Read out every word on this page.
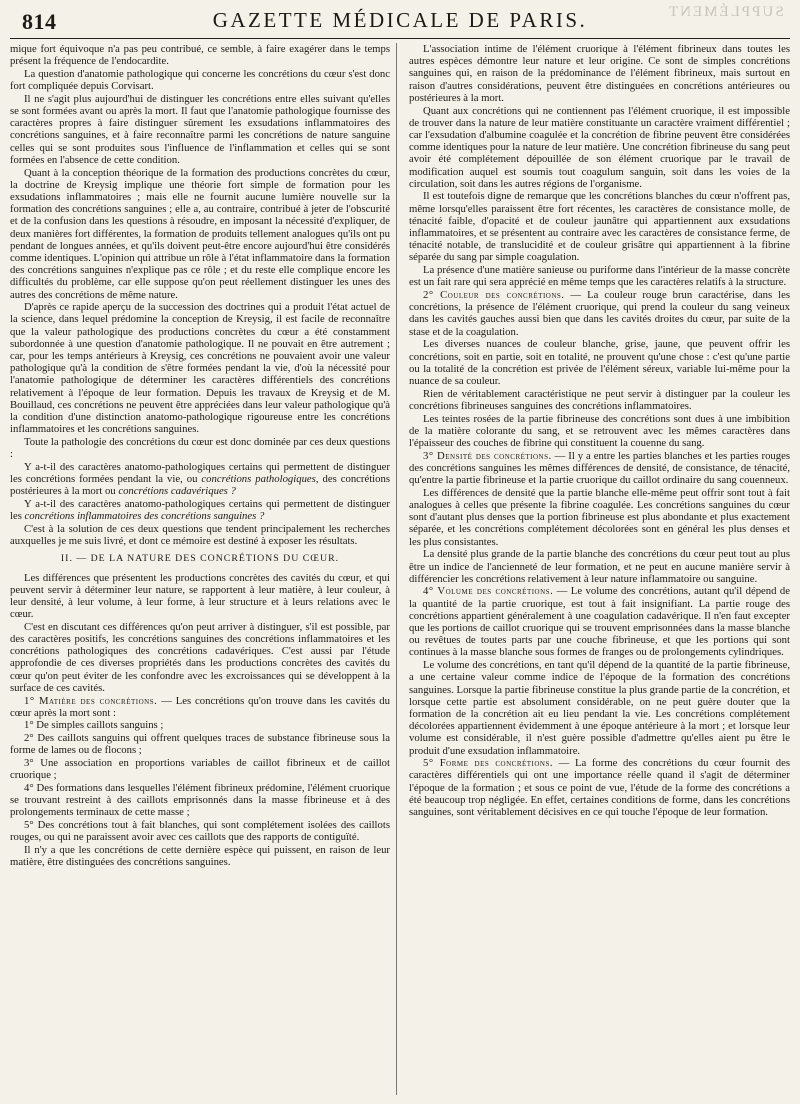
814	GAZETTE MÉDICALE DE PARIS.	SUPPLÉMENT

mique fort équivoque n'a pas peu contribué, ce semble, à faire exagérer dans le temps présent la fréquence de l'endocardite.

La question d'anatomie pathologique qui concerne les concrétions du cœur s'est donc fort compliquée depuis Corvisart.

Il ne s'agit plus aujourd'hui de distinguer les concrétions entre elles suivant qu'elles se sont formées avant ou après la mort. Il faut que l'anatomie pathologique fournisse des caractères propres à faire distinguer sûrement les exsudations inflammatoires des concrétions sanguines, et à faire reconnaître parmi les concrétions de nature sanguine celles qui se sont produites sous l'influence de l'inflammation et celles qui se sont formées en l'absence de cette condition.

Quant à la conception théorique de la formation des productions concrètes du cœur, la doctrine de Kreysig implique une théorie fort simple de formation pour les exsudations inflammatoires ; mais elle ne fournit aucune lumière nouvelle sur la formation des concrétions sanguines ; elle a, au contraire, contribué à jeter de l'obscurité et de la confusion dans les questions à résoudre, en imposant la nécessité d'expliquer, de deux manières fort différentes, la formation de produits tellement analogues qu'ils ont pu pendant de longues années, et qu'ils doivent peut-être encore aujourd'hui être considérés comme identiques. L'opinion qui attribue un rôle à l'état inflammatoire dans la formation des concrétions sanguines n'explique pas ce rôle ; et du reste elle complique encore les difficultés du problème, car elle suppose qu'on peut réellement distinguer les unes des autres des concrétions de même nature.

D'après ce rapide aperçu de la succession des doctrines qui a produit l'état actuel de la science, dans lequel prédomine la conception de Kreysig, il est facile de reconnaître que la valeur pathologique des productions concrètes du cœur a été constamment subordonnée à une question d'anatomie pathologique. Il ne pouvait en être autrement ; car, pour les temps antérieurs à Kreysig, ces concrétions ne pouvaient avoir une valeur pathologique qu'à la condition de s'être formées pendant la vie, d'où la nécessité pour l'anatomie pathologique de déterminer les caractères différentiels des concrétions relativement à l'époque de leur formation. Depuis les travaux de Kreysig et de M. Bouillaud, ces concrétions ne peuvent être appréciées dans leur valeur pathologique qu'à la condition d'une distinction anatomo-pathologique rigoureuse entre les concrétions inflammatoires et les concrétions sanguines.

Toute la pathologie des concrétions du cœur est donc dominée par ces deux questions :

Y a-t-il des caractères anatomo-pathologiques certains qui permettent de distinguer les concrétions formées pendant la vie, ou concrétions pathologiques, des concrétions postérieures à la mort ou concrétions cadavériques ?

Y a-t-il des caractères anatomo-pathologiques certains qui permettent de distinguer les concrétions inflammatoires des concrétions sanguines ?

C'est à la solution de ces deux questions que tendent principalement les recherches auxquelles je me suis livré, et dont ce mémoire est destiné à exposer les résultats.

II. — DE LA NATURE DES CONCRÉTIONS DU CŒUR.

Les différences que présentent les productions concrètes des cavités du cœur, et qui peuvent servir à déterminer leur nature, se rapportent à leur matière, à leur couleur, à leur densité, à leur volume, à leur forme, à leur structure et à leurs relations avec le cœur.

C'est en discutant ces différences qu'on peut arriver à distinguer, s'il est possible, par des caractères positifs, les concrétions sanguines des concrétions inflammatoires et les concrétions pathologiques des concrétions cadavériques. C'est aussi par l'étude approfondie de ces diverses propriétés dans les productions concrètes des cavités du cœur qu'on peut éviter de les confondre avec les excroissances qui se développent à la surface de ces cavités.

1° Matière des concrétions. — Les concrétions qu'on trouve dans les cavités du cœur après la mort sont :

1° De simples caillots sanguins ;

2° Des caillots sanguins qui offrent quelques traces de substance fibrineuse sous la forme de lames ou de flocons ;

3° Une association en proportions variables de caillot fibrineux et de caillot cruorique ;

4° Des formations dans lesquelles l'élément fibrineux prédomine, l'élément cruorique se trouvant restreint à des caillots emprisonnés dans la masse fibrineuse et à des prolongements terminaux de cette masse ;

5° Des concrétions tout à fait blanches, qui sont complétement isolées des caillots rouges, ou qui ne paraissent avoir avec ces caillots que des rapports de contiguïté.

Il n'y a que les concrétions de cette dernière espèce qui puissent, en raison de leur matière, être distinguées des concrétions sanguines.

L'association intime de l'élément cruorique à l'élément fibrineux dans toutes les autres espèces démontre leur nature et leur origine. Ce sont de simples concrétions sanguines qui, en raison de la prédominance de l'élément fibrineux, mais surtout en raison d'autres considérations, peuvent être distinguées en concrétions antérieures ou postérieures à la mort.

Quant aux concrétions qui ne contiennent pas l'élément cruorique, il est impossible de trouver dans la nature de leur matière constituante un caractère vraiment différentiel ; car l'exsudation d'albumine coagulée et la concrétion de fibrine peuvent être considérées comme identiques pour la nature de leur matière. Une concrétion fibrineuse du sang peut avoir été complétement dépouillée de son élément cruorique par le travail de modification auquel est soumis tout coagulum sanguin, soit dans les voies de la circulation, soit dans les autres régions de l'organisme.

Il est toutefois digne de remarque que les concrétions blanches du cœur n'offrent pas, même lorsqu'elles paraissent être fort récentes, les caractères de consistance molle, de ténacité faible, d'opacité et de couleur jaunâtre qui appartiennent aux exsudations inflammatoires, et se présentent au contraire avec les caractères de consistance ferme, de ténacité notable, de translucidité et de couleur grisâtre qui appartiennent à la fibrine séparée du sang par simple coagulation.

La présence d'une matière sanieuse ou puriforme dans l'intérieur de la masse concrète est un fait rare qui sera apprécié en même temps que les caractères relatifs à la structure.

2° Couleur des concrétions. — La couleur rouge brun caractérise, dans les concrétions, la présence de l'élément cruorique, qui prend la couleur du sang veineux dans les cavités gauches aussi bien que dans les cavités droites du cœur, par suite de la stase et de la coagulation.

Les diverses nuances de couleur blanche, grise, jaune, que peuvent offrir les concrétions, soit en partie, soit en totalité, ne prouvent qu'une chose : c'est qu'une partie ou la totalité de la concrétion est privée de l'élément séreux, variable lui-même pour la nuance de sa couleur.

Rien de véritablement caractéristique ne peut servir à distinguer par la couleur les concrétions fibrineuses sanguines des concrétions inflammatoires.

Les teintes rosées de la partie fibrineuse des concrétions sont dues à une imbibition de la matière colorante du sang, et se retrouvent avec les mêmes caractères dans l'épaisseur des couches de fibrine qui constituent la couenne du sang.

3° Densité des concrétions. — Il y a entre les parties blanches et les parties rouges des concrétions sanguines les mêmes différences de densité, de consistance, de ténacité, qu'entre la partie fibrineuse et la partie cruorique du caillot ordinaire du sang couenneux.

Les différences de densité que la partie blanche elle-même peut offrir sont tout à fait analogues à celles que présente la fibrine coagulée. Les concrétions sanguines du cœur sont d'autant plus denses que la portion fibrineuse est plus abondante et plus exactement séparée, et les concrétions complétement décolorées sont en général les plus denses et les plus consistantes.

La densité plus grande de la partie blanche des concrétions du cœur peut tout au plus être un indice de l'ancienneté de leur formation, et ne peut en aucune manière servir à différencier les concrétions relativement à leur nature inflammatoire ou sanguine.

4° Volume des concrétions. — Le volume des concrétions, autant qu'il dépend de la quantité de la partie cruorique, est tout à fait insignifiant. La partie rouge des concrétions appartient généralement à une coagulation cadavérique. Il n'en faut excepter que les portions de caillot cruorique qui se trouvent emprisonnées dans la masse blanche ou revêtues de toutes parts par une couche fibrineuse, et que les portions qui sont continues à la masse blanche sous formes de franges ou de prolongements cylindriques.

Le volume des concrétions, en tant qu'il dépend de la quantité de la partie fibrineuse, a une certaine valeur comme indice de l'époque de la formation des concrétions sanguines. Lorsque la partie fibrineuse constitue la plus grande partie de la concrétion, et lorsque cette partie est absolument considérable, on ne peut guère douter que la formation de la concrétion ait eu lieu pendant la vie. Les concrétions complétement décolorées appartiennent évidemment à une époque antérieure à la mort ; et lorsque leur volume est considérable, il n'est guère possible d'admettre qu'elles aient pu être le produit d'une exsudation inflammatoire.

5° Forme des concrétions. — La forme des concrétions du cœur fournit des caractères différentiels qui ont une importance réelle quand il s'agit de déterminer l'époque de la formation ; et sous ce point de vue, l'étude de la forme des concrétions a été beaucoup trop négligée. En effet, certaines conditions de forme, dans les concrétions sanguines, sont véritablement décisives en ce qui touche l'époque de leur formation.
